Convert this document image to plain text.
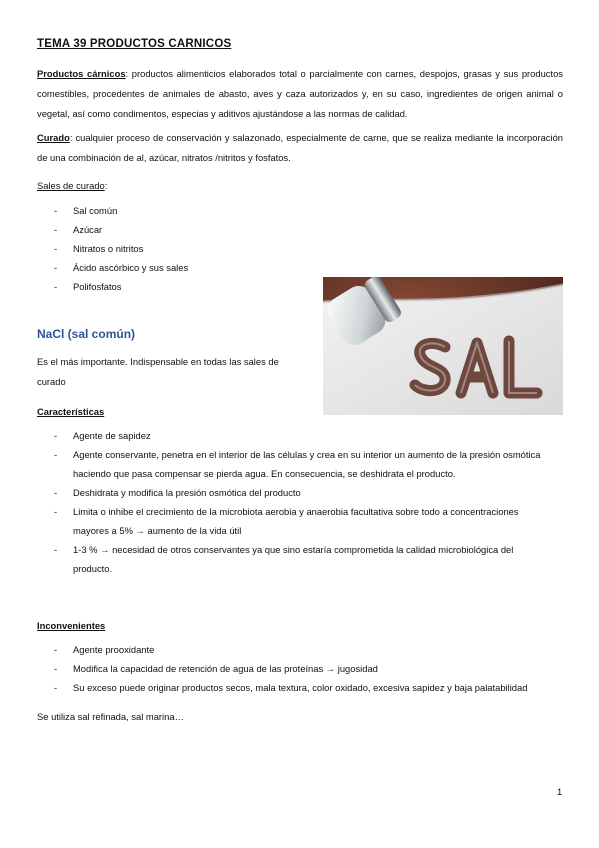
TEMA 39 PRODUCTOS CARNICOS
Productos cárnicos: productos alimenticios elaborados total o parcialmente con carnes, despojos, grasas y sus productos comestibles, procedentes de animales de abasto, aves y caza autorizados y, en su caso, ingredientes de origen animal o vegetal, así como condimentos, especias y aditivos ajustándose a las normas de calidad.
Curado: cualquier proceso de conservación y salazonado, especialmente de carne, que se realiza mediante la incorporación de una combinación de al, azúcar, nitratos /nitritos y fosfatos.
Sales de curado:
- Sal común
- Azúcar
- Nitratos o nitritos
- Ácido ascórbico y sus sales
- Polifosfatos
NaCl (sal común)
Es el más importante. Indispensable en todas las sales de curado
Características
- Agente de sapidez
- Agente conservante, penetra en el interior de las células y crea en su interior un aumento de la presión osmótica haciendo que pasa compensar se pierda agua. En consecuencia, se deshidrata el producto.
- Deshidrata y modifica la presión osmótica del producto
- Limita o inhibe el crecimiento de la microbiota aerobia y anaerobia facultativa sobre todo a concentraciones mayores a 5% → aumento de la vida útil
- 1-3 % → necesidad de otros conservantes ya que sino estaría comprometida la calidad microbiológica del producto.
Inconvenientes
- Agente prooxidante
- Modifica la capacidad de retención de agua de las proteínas → jugosidad
- Su exceso puede originar productos secos, mala textura, color oxidado, excesiva sapidez y baja palatabilidad
Se utiliza sal refinada, sal marina…
1
